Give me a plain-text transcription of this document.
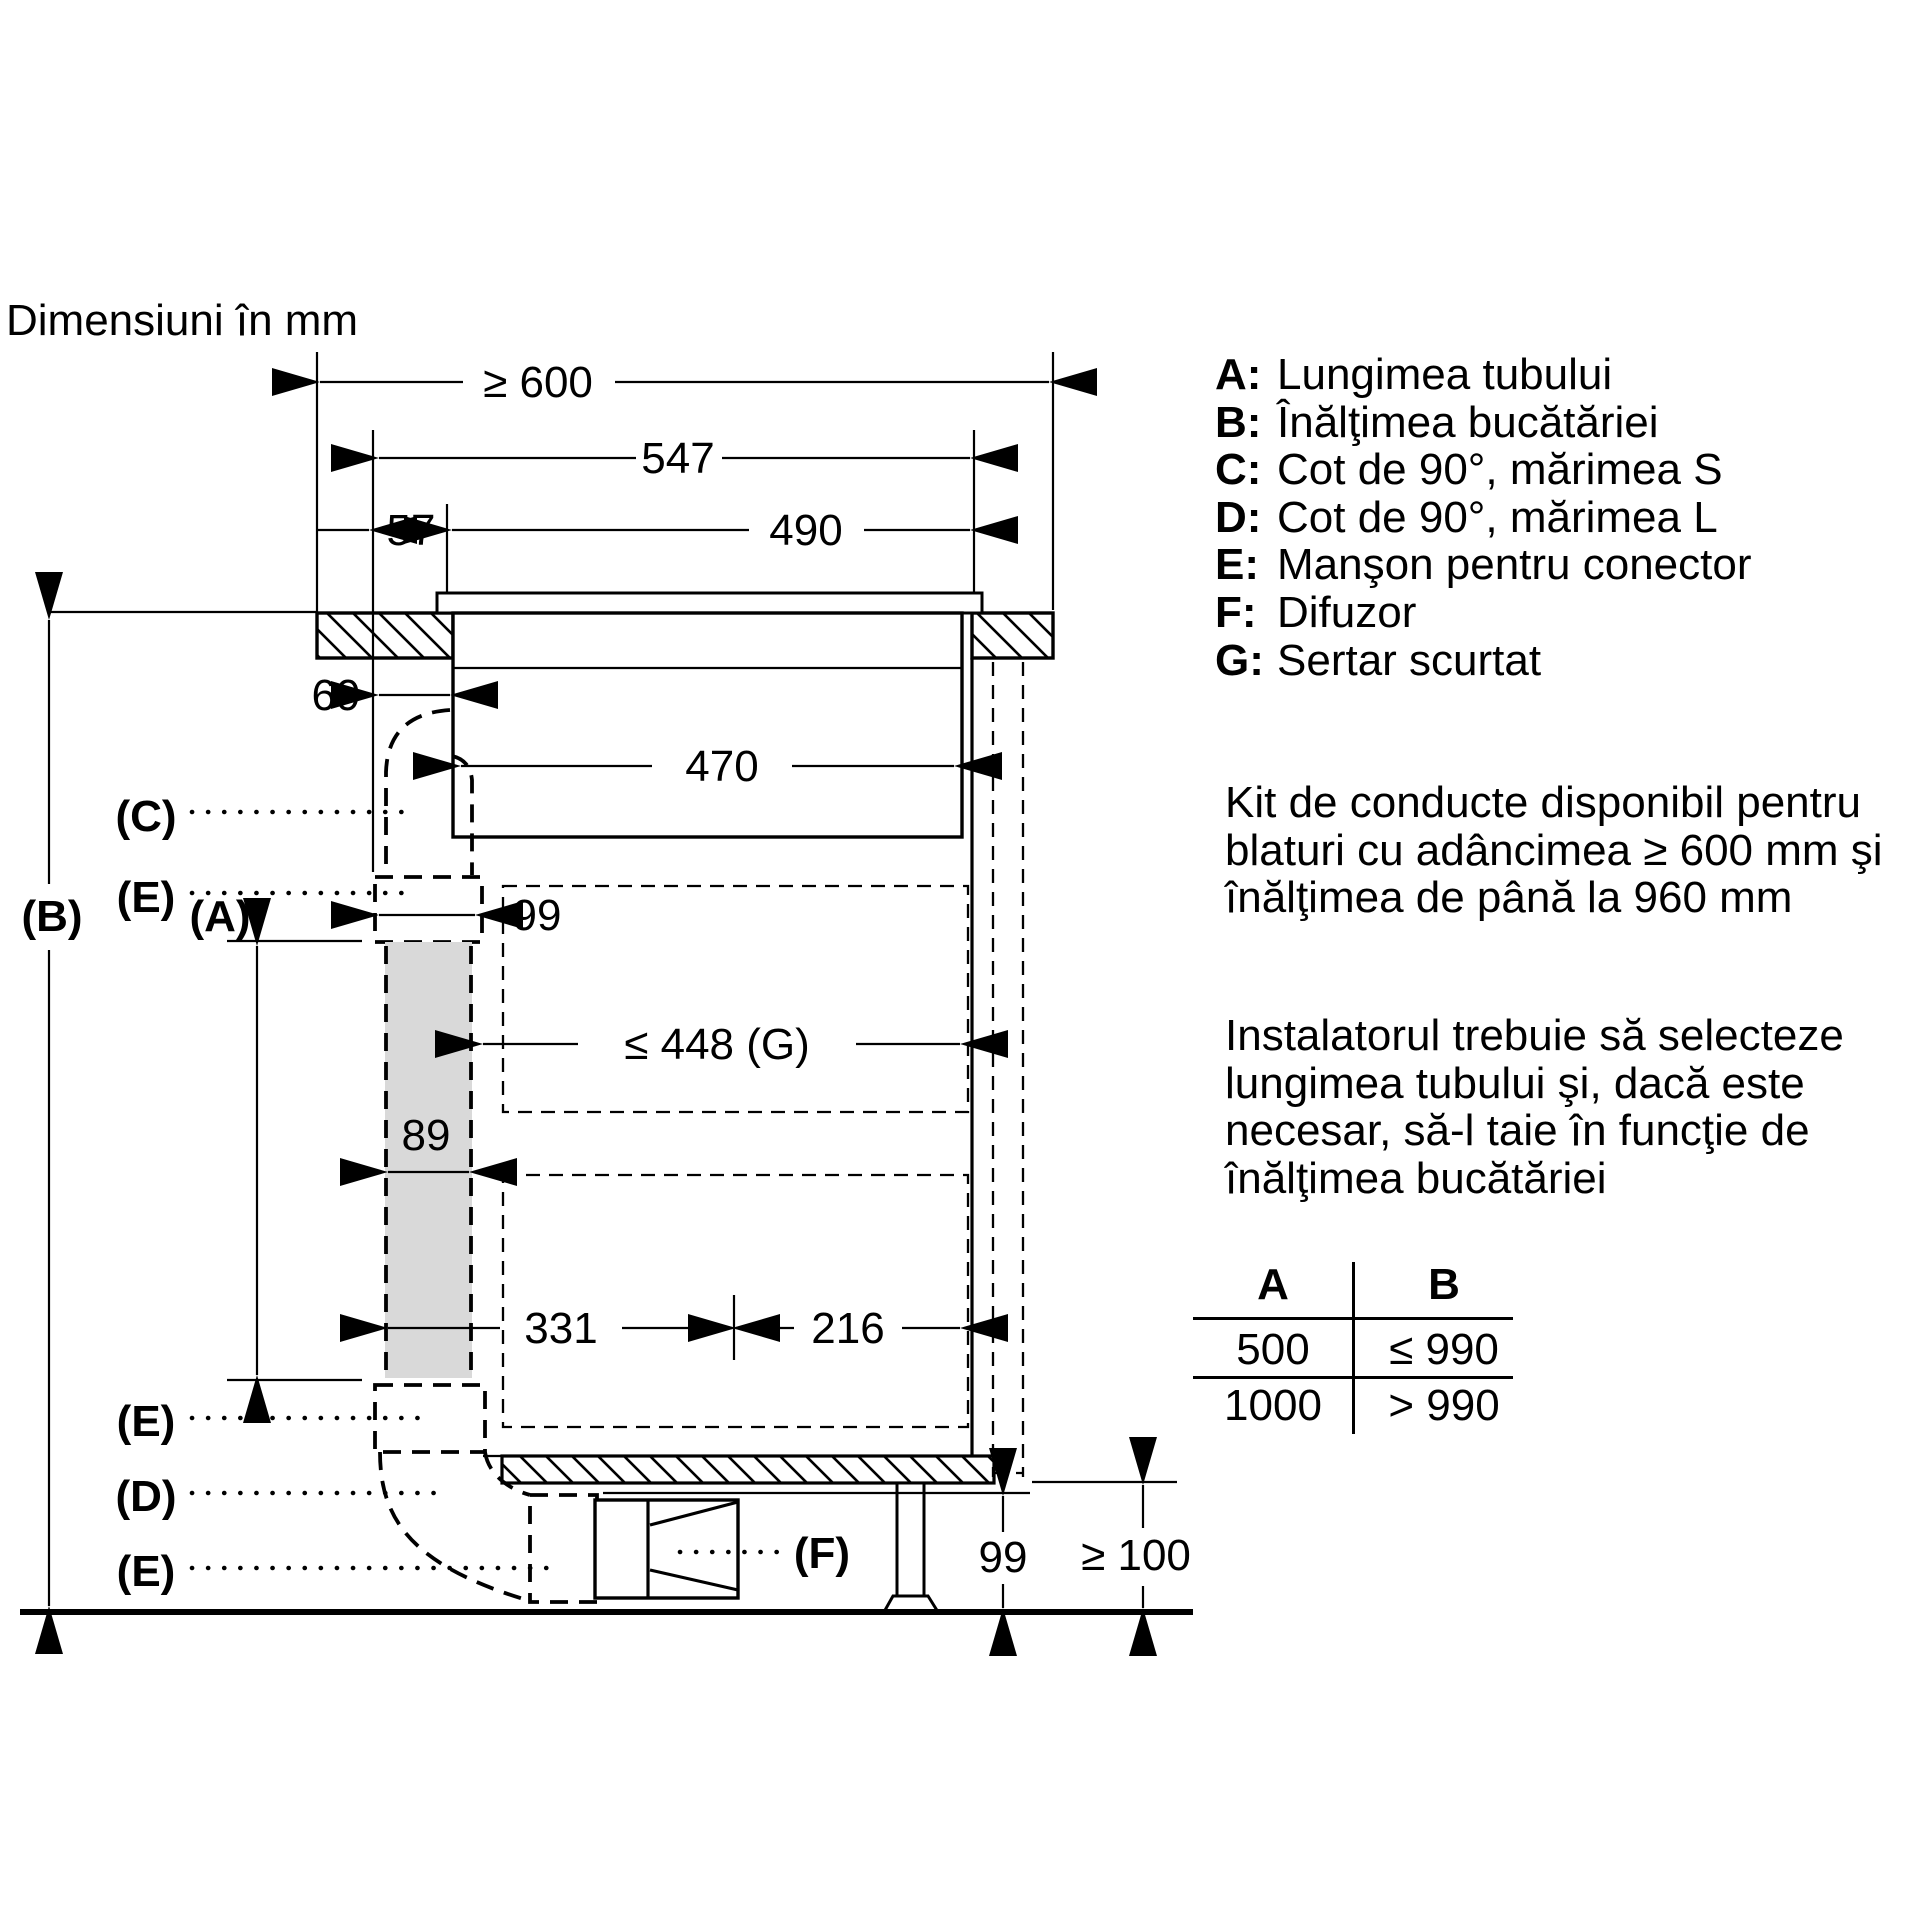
Dimensiuni în mm
A: Lungimea tubului
B: Înălţimea bucătăriei
C: Cot de 90°, mărimea S
D: Cot de 90°, mărimea L
E: Manşon pentru conector
F: Difuzor
G: Sertar scurtat
Kit de conducte disponibil pentru
blaturi cu adâncimea ≥ 600 mm şi
înălţimea de până la 960 mm
Instalatorul trebuie să selecteze
lungimea tubului şi, dacă este
necesar, să-l taie în funcţie de
înălţimea bucătăriei
A	B
500	≤ 990
1000	> 990
≥ 600
547
57	490
470
69
99
89
(A)
(B)
(C)
(E)
(E)
(D)
(E)
≤ 448 (G)
331	216
(F)	99 ≥ 100
